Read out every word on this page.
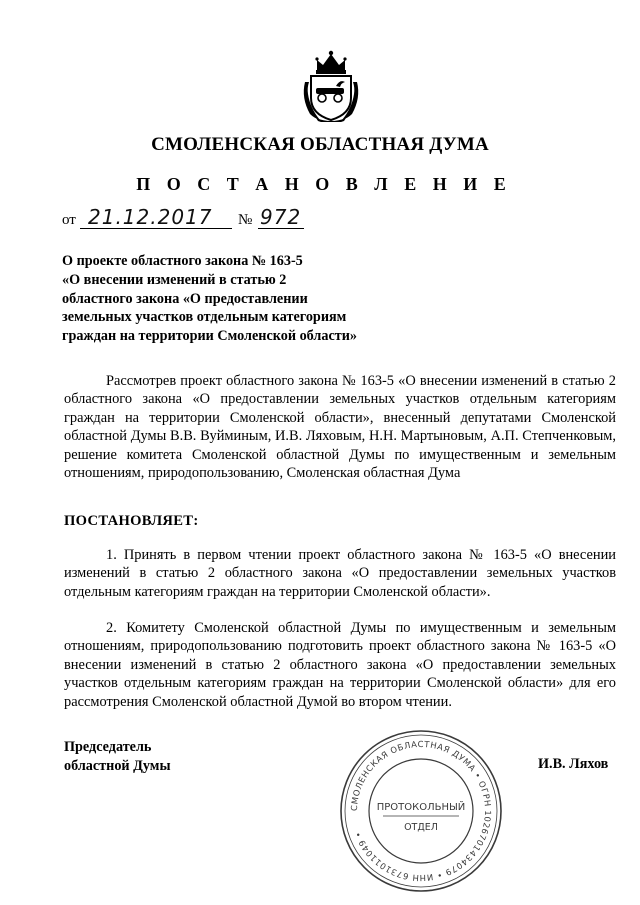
СМОЛЕНСКАЯ ОБЛАСТНАЯ ДУМА
П О С Т А Н О В Л Е Н И Е
от 21.12.2017 № 972
О проекте областного закона № 163-5
«О внесении изменений в статью 2
областного закона «О предоставлении
земельных участков отдельным категориям
граждан на территории Смоленской области»
Рассмотрев проект областного закона № 163-5 «О внесении изменений в статью 2 областного закона «О предоставлении земельных участков отдельным категориям граждан на территории Смоленской области», внесенный депутатами Смоленской областной Думы В.В. Вуйминым, И.В. Ляховым, Н.Н. Мартыновым, А.П. Степченковым, решение комитета Смоленской областной Думы по имущественным и земельным отношениям, природопользованию, Смоленская областная Дума
ПОСТАНОВЛЯЕТ:
1. Принять в первом чтении проект областного закона № 163-5 «О внесении изменений в статью 2 областного закона «О предоставлении земельных участков отдельным категориям граждан на территории Смоленской области».
2. Комитету Смоленской областной Думы по имущественным и земельным отношениям, природопользованию подготовить проект областного закона № 163-5 «О внесении изменений в статью 2 областного закона «О предоставлении земельных участков отдельным категориям граждан на территории Смоленской области» для его рассмотрения Смоленской областной Думой во втором чтении.
Председатель
областной Думы	И.В. Ляхов
СМОЛЕНСКАЯ ОБЛАСТНАЯ ДУМА • ОГРН 1026701434079 • ИНН 6731011049 •
ПРОТОКОЛЬНЫЙ
ОТДЕЛ
